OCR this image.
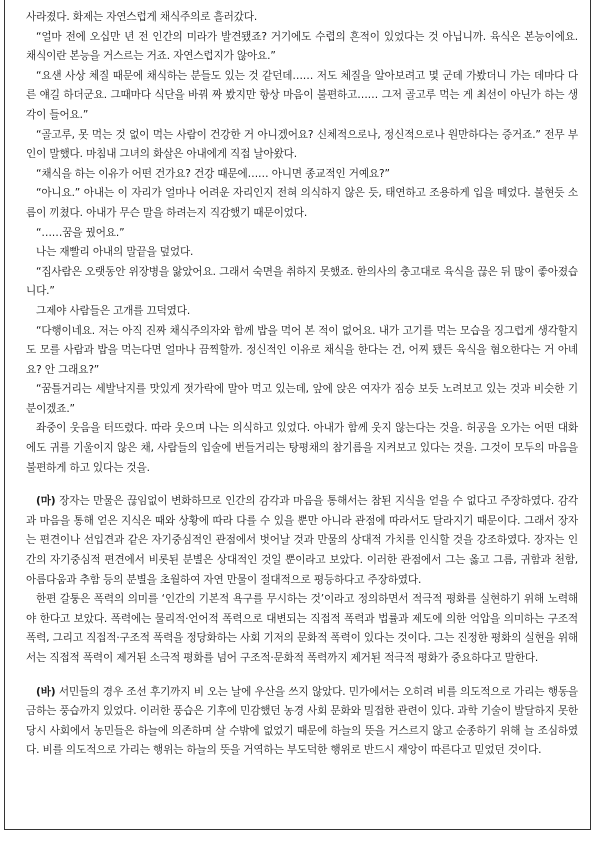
사라졌다. 화제는 자연스럽게 채식주의로 흘러갔다.

“얼마 전에 오십만 년 전 인간의 미라가 발견됐죠? 거기에도 수렵의 흔적이 있었다는 것 아닙니까. 육식은 본능이에요. 채식이란 본능을 거스르는 거죠. 자연스럽지가 않아요.”

“요샌 사상 체질 때문에 채식하는 분들도 있는 것 같던데…… 저도 체질을 알아보려고 몇 군데 가봤더니 가는 데마다 다른 얘길 하더군요. 그때마다 식단을 바꿔 짜 봤지만 항상 마음이 불편하고…… 그저 골고루 먹는 게 최선이 아닌가 하는 생각이 들어요.”

“골고루, 못 먹는 것 없이 먹는 사람이 건강한 거 아니겠어요? 신체적으로나, 정신적으로나 원만하다는 증거죠.” 전무 부인이 말했다. 마침내 그녀의 화살은 아내에게 직접 날아왔다.

“채식을 하는 이유가 어떤 건가요? 건강 때문에…… 아니면 종교적인 거예요?”

“아니요.” 아내는 이 자리가 얼마나 어려운 자리인지 전혀 의식하지 않은 듯, 태연하고 조용하게 입을 떼었다. 불현듯 소름이 끼쳤다. 아내가 무슨 말을 하려는지 직감했기 때문이었다.

“……꿈을 꿨어요.”

나는 재빨리 아내의 말끝을 덮었다.

“집사람은 오랫동안 위장병을 앓았어요. 그래서 숙면을 취하지 못했죠. 한의사의 충고대로 육식을 끊은 뒤 많이 좋아졌습니다.”

그제야 사람들은 고개를 끄덕였다.

“다행이네요. 저는 아직 진짜 채식주의자와 함께 밥을 먹어 본 적이 없어요. 내가 고기를 먹는 모습을 징그럽게 생각할지도 모를 사람과 밥을 먹는다면 얼마나 끔찍할까. 정신적인 이유로 채식을 한다는 건, 어찌 됐든 육식을 혐오한다는 거 아녜요? 안 그래요?”

“꿈틀거리는 세발낙지를 맛있게 젓가락에 말아 먹고 있는데, 앞에 앉은 여자가 짐승 보듯 노려보고 있는 것과 비슷한 기분이겠죠.”

좌중이 웃음을 터뜨렸다. 따라 웃으며 나는 의식하고 있었다. 아내가 함께 웃지 않는다는 것을. 허공을 오가는 어떤 대화에도 귀를 기울이지 않은 채, 사람들의 입술에 번들거리는 탕평채의 참기름을 지켜보고 있다는 것을. 그것이 모두의 마음을 불편하게 하고 있다는 것을.

(마) 장자는 만물은 끊임없이 변화하므로 인간의 감각과 마음을 통해서는 참된 지식을 얻을 수 없다고 주장하였다. 감각과 마음을 통해 얻은 지식은 때와 상황에 따라 다를 수 있을 뿐만 아니라 관점에 따라서도 달라지기 때문이다. 그래서 장자는 편견이나 선입견과 같은 자기중심적인 관점에서 벗어날 것과 만물의 상대적 가치를 인식할 것을 강조하였다. 장자는 인간의 자기중심적 편견에서 비롯된 분별은 상대적인 것일 뿐이라고 보았다. 이러한 관점에서 그는 옳고 그름, 귀함과 천함, 아름다움과 추함 등의 분별을 초월하여 자연 만물이 절대적으로 평등하다고 주장하였다.

한편 갈퉁은 폭력의 의미를 ‘인간의 기본적 욕구를 무시하는 것’이라고 정의하면서 적극적 평화를 실현하기 위해 노력해야 한다고 보았다. 폭력에는 물리적·언어적 폭력으로 대변되는 직접적 폭력과 법률과 제도에 의한 억압을 의미하는 구조적 폭력, 그리고 직접적·구조적 폭력을 정당화하는 사회 기저의 문화적 폭력이 있다는 것이다. 그는 진정한 평화의 실현을 위해서는 직접적 폭력이 제거된 소극적 평화를 넘어 구조적·문화적 폭력까지 제거된 적극적 평화가 중요하다고 말한다.

(바) 서민들의 경우 조선 후기까지 비 오는 날에 우산을 쓰지 않았다. 민가에서는 오히려 비를 의도적으로 가리는 행동을 금하는 풍습까지 있었다. 이러한 풍습은 기후에 민감했던 농경 사회 문화와 밀접한 관련이 있다. 과학 기술이 발달하지 못한 당시 사회에서 농민들은 하늘에 의존하며 살 수밖에 없었기 때문에 하늘의 뜻을 거스르지 않고 순종하기 위해 늘 조심하였다. 비를 의도적으로 가리는 행위는 하늘의 뜻을 거역하는 부도덕한 행위로 반드시 재앙이 따른다고 믿었던 것이다.
